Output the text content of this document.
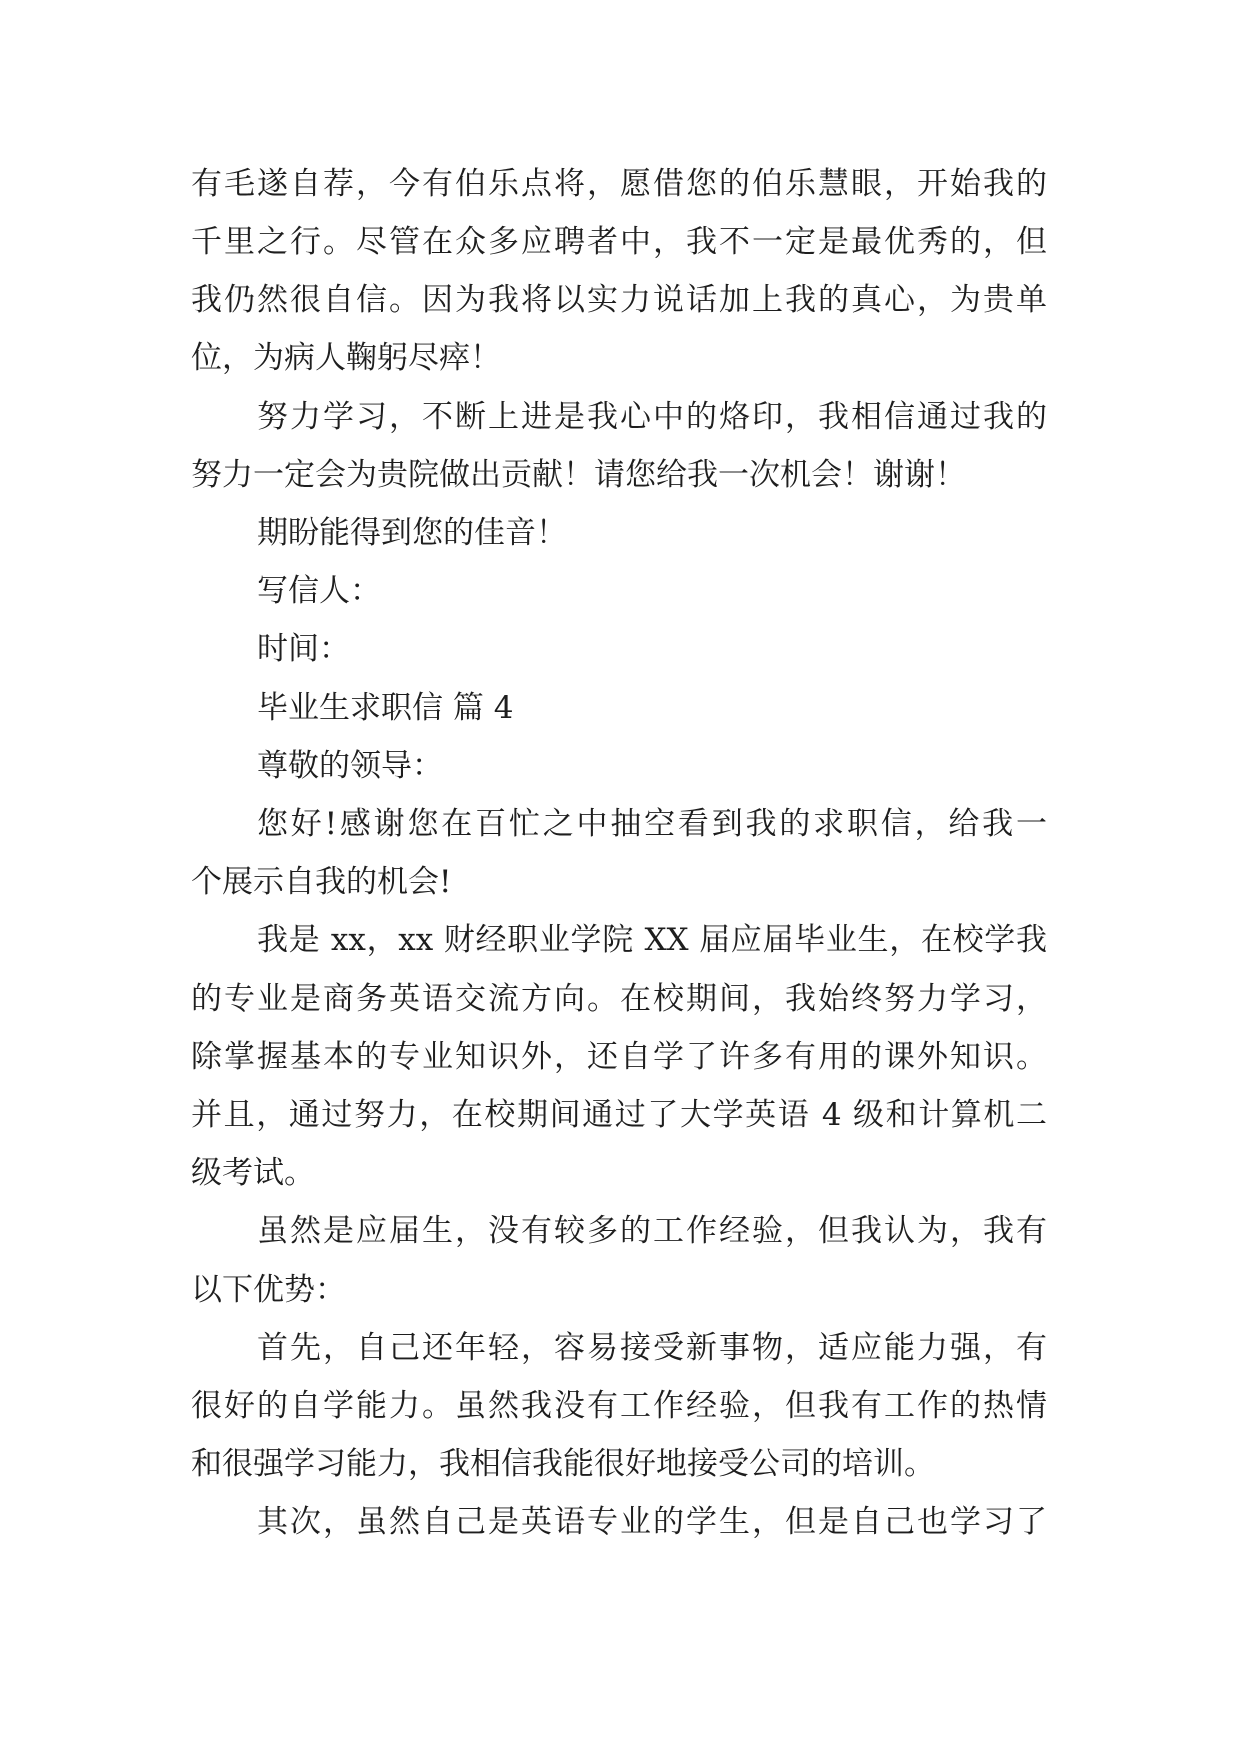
有毛遂自荐，今有伯乐点将，愿借您的伯乐慧眼，开始我的
千里之行。尽管在众多应聘者中，我不一定是最优秀的，但
我仍然很自信。因为我将以实力说话加上我的真心，为贵单
位，为病人鞠躬尽瘁！
努力学习，不断上进是我心中的烙印，我相信通过我的
努力一定会为贵院做出贡献！请您给我一次机会！谢谢！
期盼能得到您的佳音！
写信人：
时间：
毕业生求职信 篇 4
尊敬的领导：
您好!感谢您在百忙之中抽空看到我的求职信，给我一
个展示自我的机会!
我是 xx，xx 财经职业学院 XX 届应届毕业生，在校学我
的专业是商务英语交流方向。在校期间，我始终努力学习，
除掌握基本的专业知识外，还自学了许多有用的课外知识。
并且，通过努力，在校期间通过了大学英语 4 级和计算机二
级考试。
虽然是应届生，没有较多的工作经验，但我认为，我有
以下优势：
首先，自己还年轻，容易接受新事物，适应能力强，有
很好的自学能力。虽然我没有工作经验，但我有工作的热情
和很强学习能力，我相信我能很好地接受公司的培训。
其次，虽然自己是英语专业的学生，但是自己也学习了
